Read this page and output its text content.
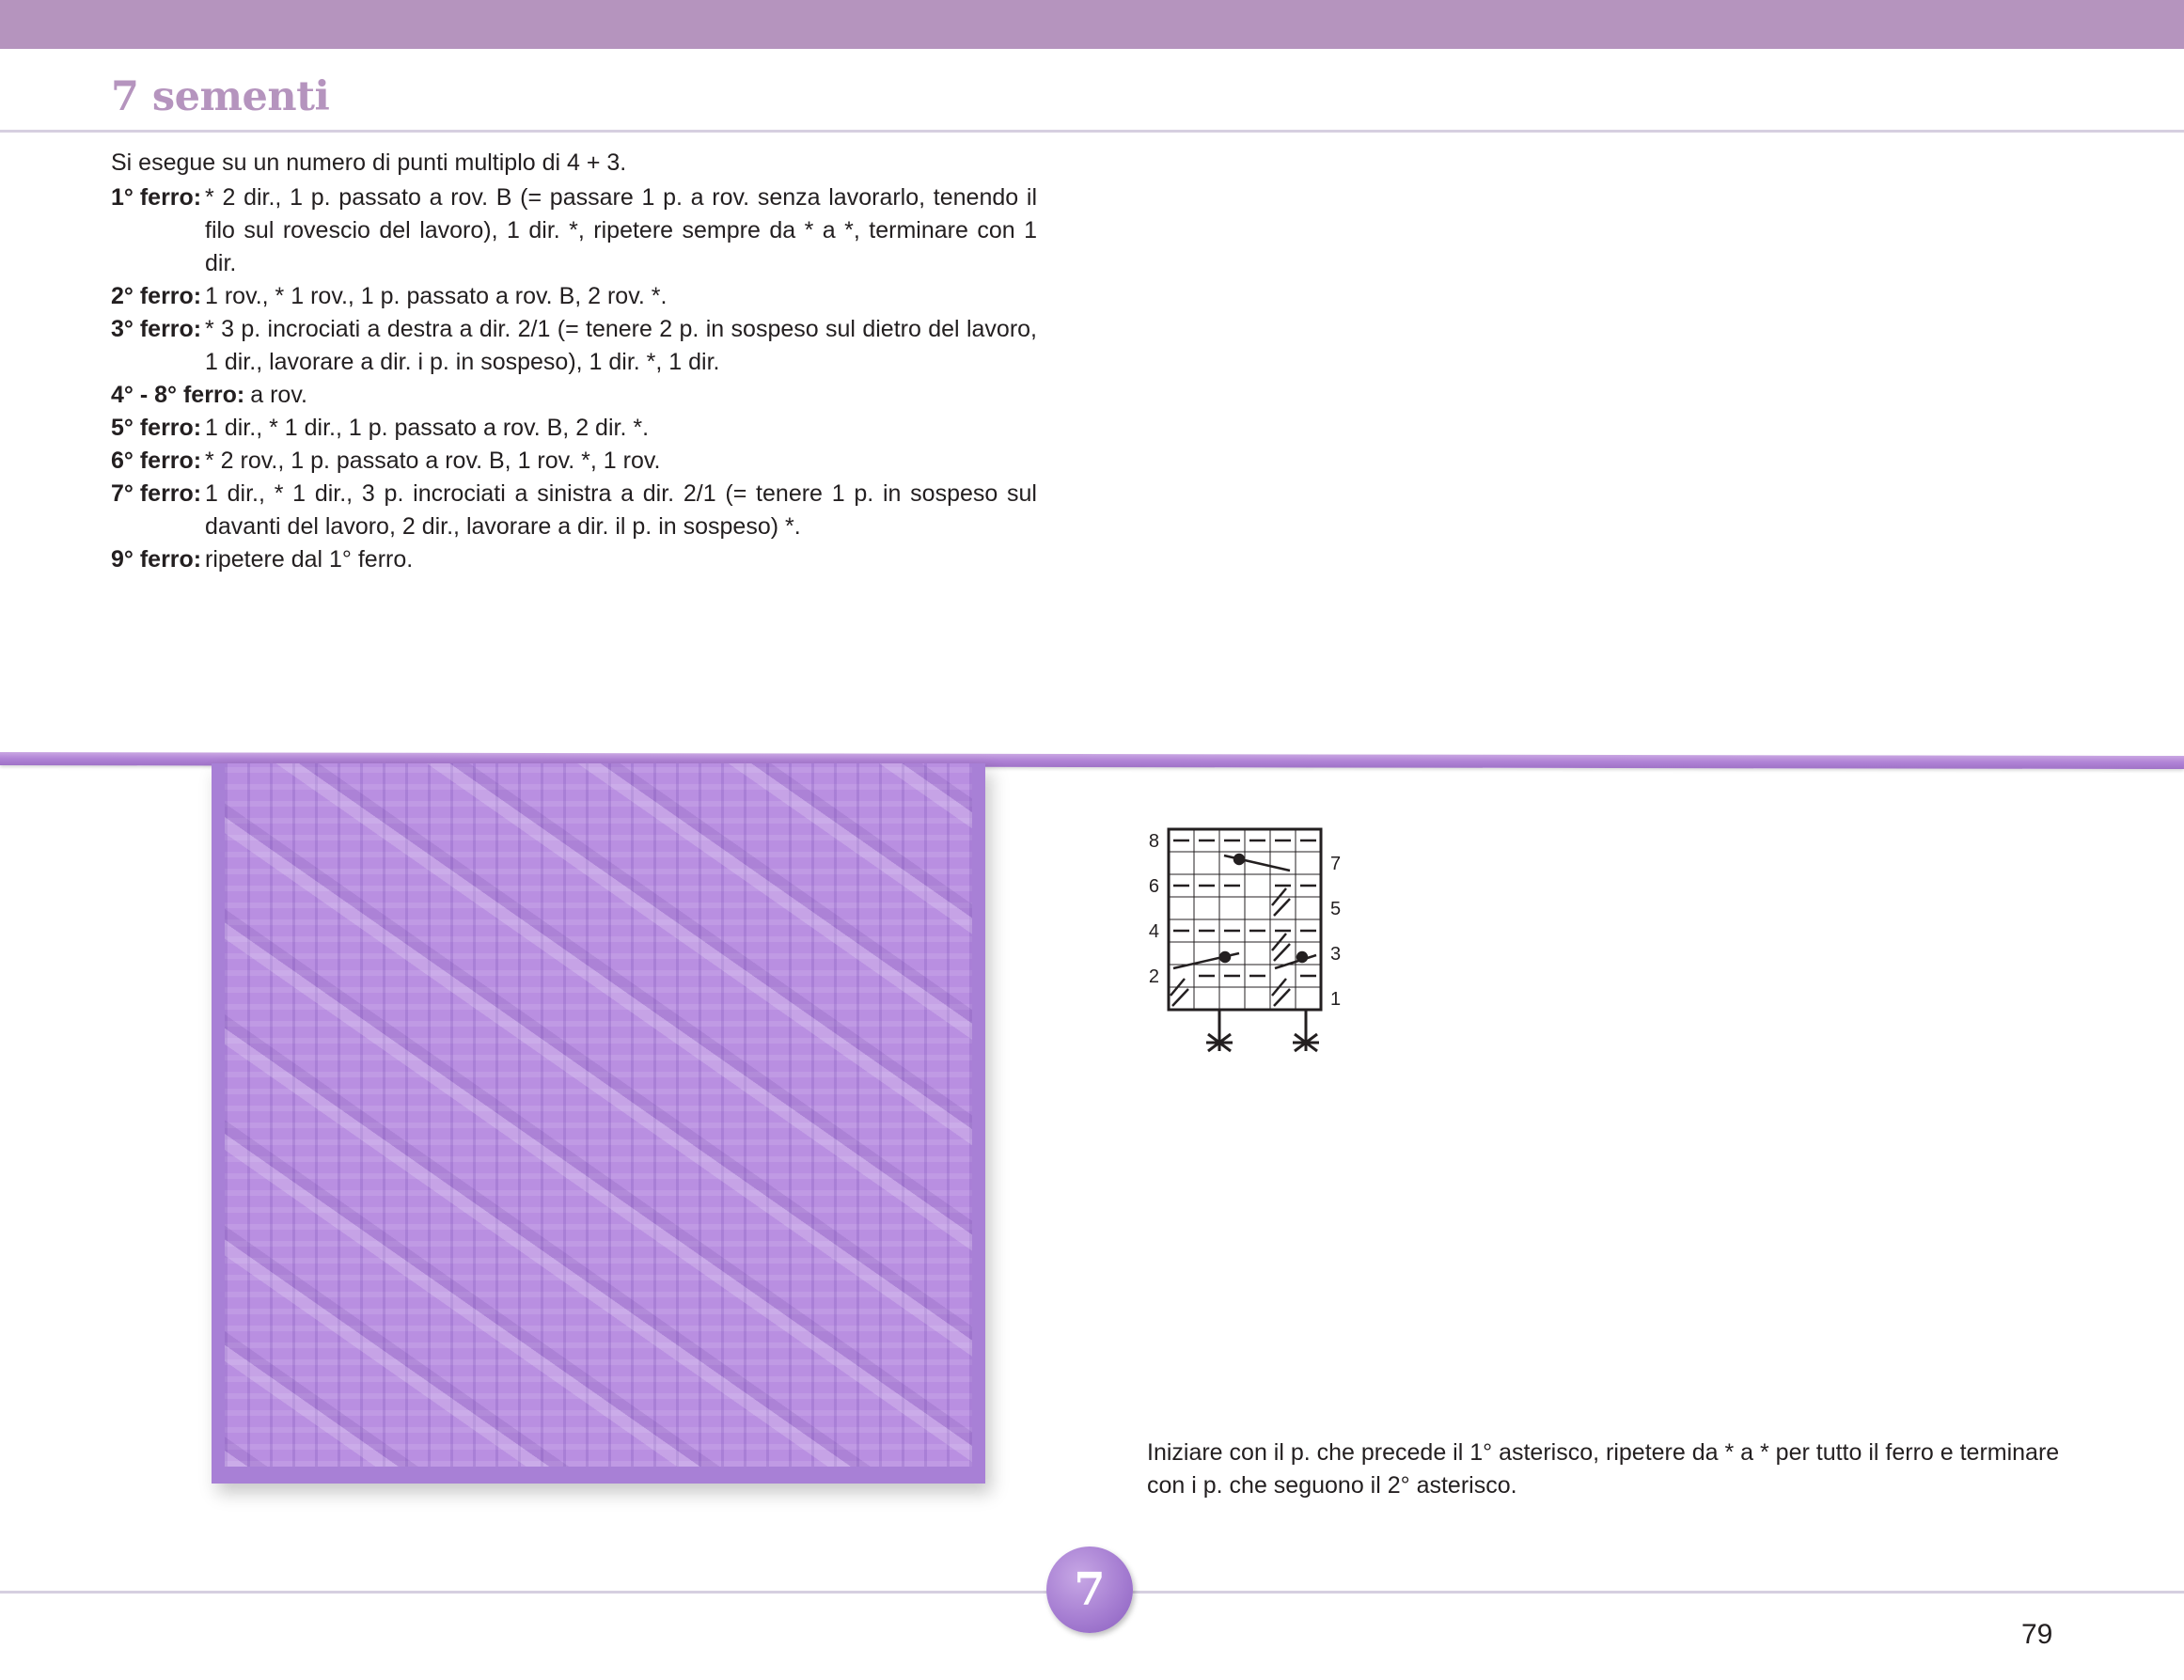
7 sementi

Si esegue su un numero di punti multiplo di 4 + 3.

1° ferro: * 2 dir., 1 p. passato a rov. B (= passare 1 p. a rov. senza lavorarlo, tenendo il filo sul rovescio del lavoro), 1 dir. *, ripetere sempre da * a *, terminare con 1 dir.
2° ferro: 1 rov., * 1 rov., 1 p. passato a rov. B, 2 rov. *.
3° ferro: * 3 p. incrociati a destra a dir. 2/1 (= tenere 2 p. in sospeso sul dietro del lavoro, 1 dir., lavorare a dir. i p. in sospeso), 1 dir. *, 1 dir.
4° - 8° ferro: a rov.
5° ferro: 1 dir., * 1 dir., 1 p. passato a rov. B, 2 dir. *.
6° ferro: * 2 rov., 1 p. passato a rov. B, 1 rov. *, 1 rov.
7° ferro: 1 dir., * 1 dir., 3 p. incrociati a sinistra a dir. 2/1 (= tenere 1 p. in sospeso sul davanti del lavoro, 2 dir., lavorare a dir. il p. in sospeso) *.
9° ferro: ripetere dal 1° ferro.
8
6
4
2
7
5
3
1

Iniziare con il p. che precede il 1° asterisco, ripetere da * a * per tutto il ferro e terminare con i p. che seguono il 2° asterisco.

7

79
